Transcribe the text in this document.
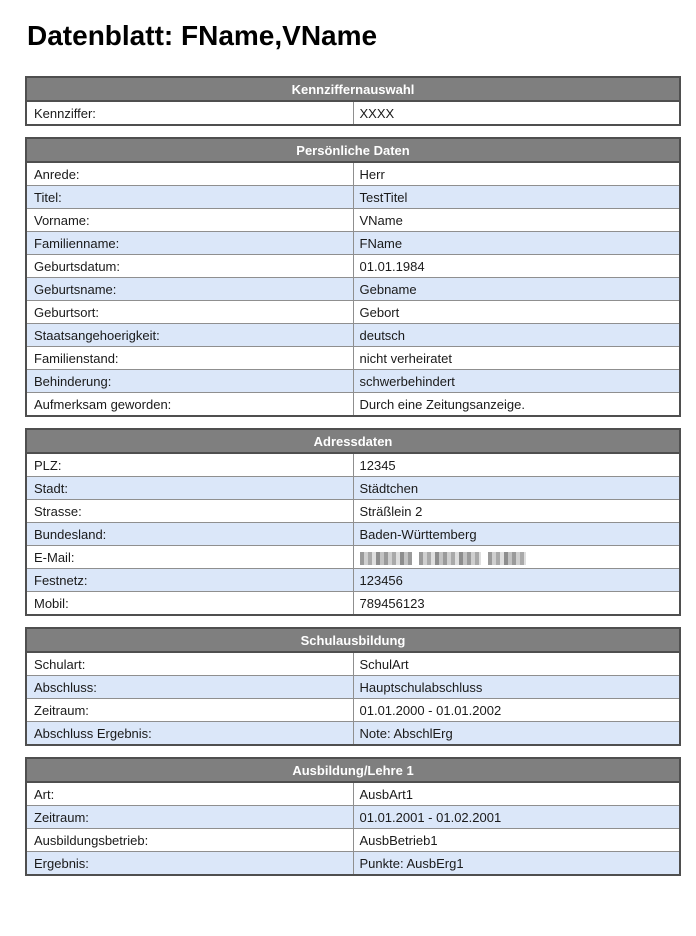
Datenblatt: FName,VName
Kennziffernauswahl
Kennziffer:	XXXX
Persönliche Daten	
Anrede:	Herr
Titel:	TestTitel
Vorname:	VName
Familienname:	FName
Geburtsdatum:	01.01.1984
Geburtsname:	Gebname
Geburtsort:	Gebort
Staatsangehoerigkeit:	deutsch
Familienstand:	nicht verheiratet
Behinderung:	schwerbehindert
Aufmerksam geworden:	Durch eine Zeitungsanzeige.
Adressdaten	
PLZ:	12345
Stadt:	Städtchen
Strasse:	Sträßlein 2
Bundesland:	Baden-Württemberg
E-Mail:	
Festnetz:	123456
Mobil:	789456123
Schulausbildung	
Schulart:	SchulArt
Abschluss:	Hauptschulabschluss
Zeitraum:	01.01.2000 - 01.01.2002
Abschluss Ergebnis:	Note: AbschlErg
Ausbildung/Lehre 1	
Art:	AusbArt1
Zeitraum:	01.01.2001 - 01.02.2001
Ausbildungsbetrieb:	AusbBetrieb1
Ergebnis:	Punkte: AusbErg1
